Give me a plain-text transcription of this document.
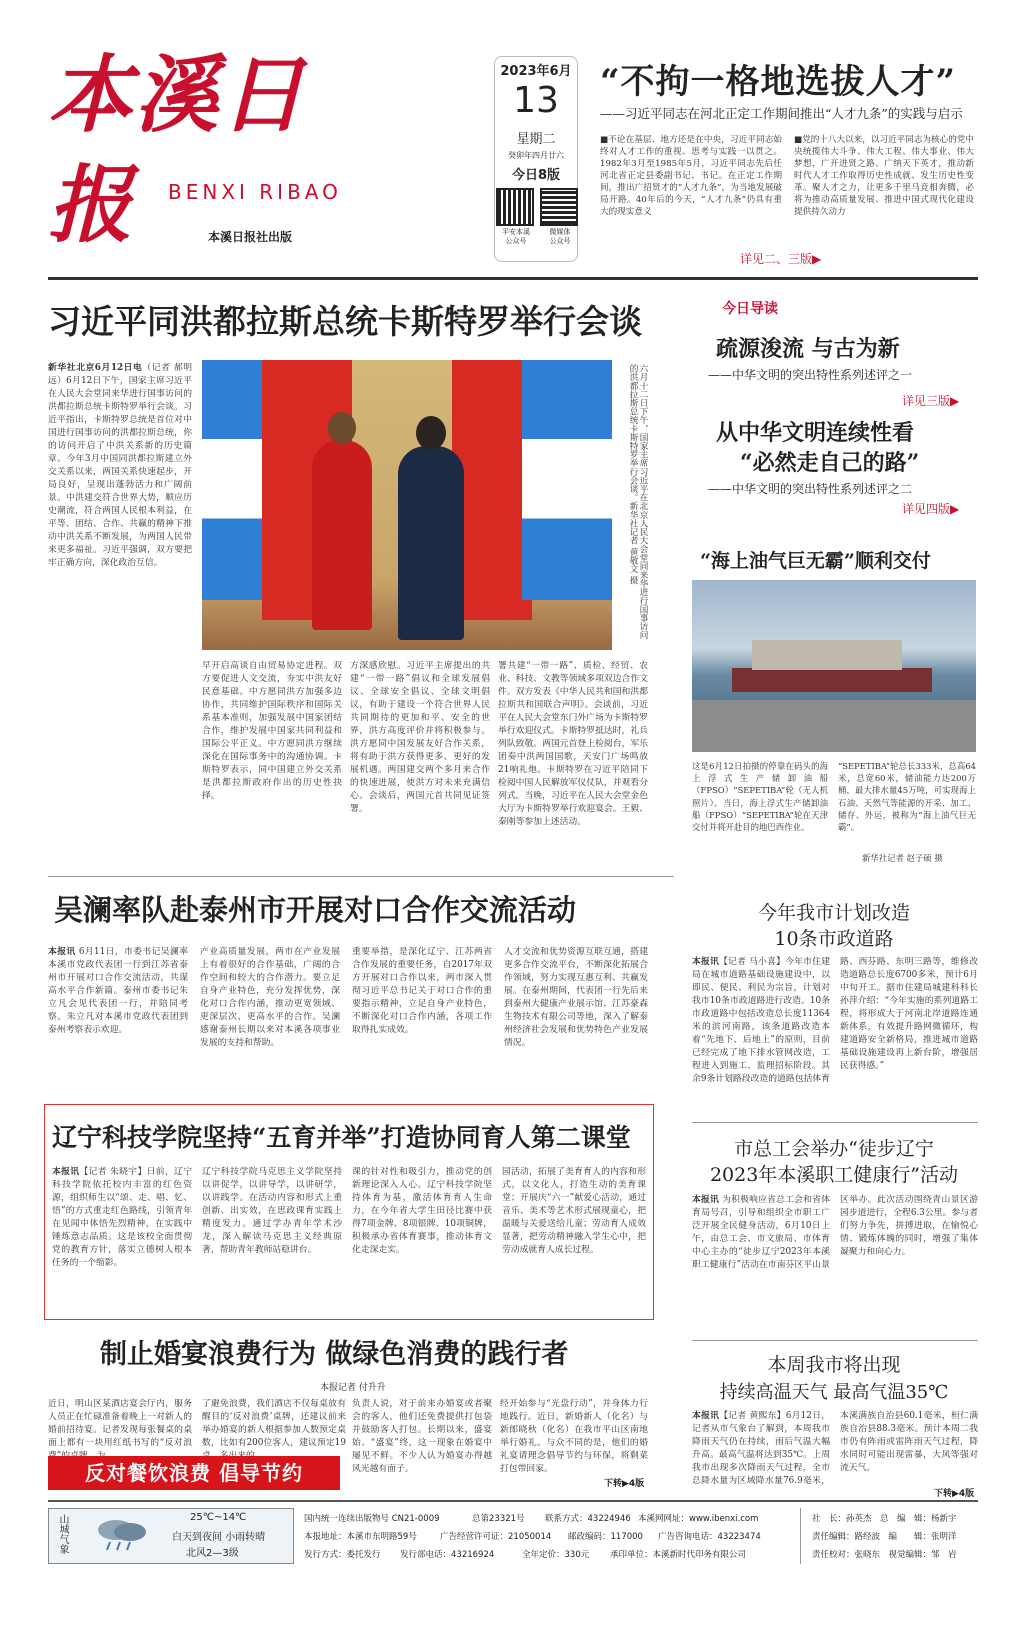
本溪日报	BENXI RIBAO
本溪日报社出版
2023年6月
13
星期二
癸卯年四月廿六
今日8版
平安本溪
公众号
微媒体
公众号
“不拘一格地选拔人才”
——习近平同志在河北正定工作期间推出“人才九条”的实践与启示
■不论在基层、地方还是在中央，习近平同志始终对人才工作的重视、思考与实践一以贯之。1982年3月至1985年5月，习近平同志先后任河北省正定县委副书记、书记。在正定工作期间，推出广招贤才的“人才九条”，为当地发展破局开路。40年后的今天，“人才九条”仍具有重大的现实意义
■党的十八大以来，以习近平同志为核心的党中央统揽伟大斗争、伟大工程、伟大事业、伟大梦想，广开进贤之路、广纳天下英才，推动新时代人才工作取得历史性成就、发生历史性变革。聚人才之力，让更多千里马竞相奔腾，必将为推动高质量发展、推进中国式现代化建设提供持久动力
详见二、三版▶
习近平同洪都拉斯总统卡斯特罗举行会谈
新华社北京6月12日电（记者 郝明远）6月12日下午，国家主席习近平在人民大会堂同来华进行国事访问的洪都拉斯总统卡斯特罗举行会谈。习近平指出，卡斯特罗总统是首位对中国进行国事访问的洪都拉斯总统，你的访问开启了中洪关系新的历史篇章。今年3月中国同洪都拉斯建立外交关系以来，两国关系快速起步，开局良好，呈现出蓬勃活力和广阔前景。中洪建交符合世界大势，顺应历史潮流，符合两国人民根本利益，在平等、团结、合作、共赢的精神下推动中洪关系不断发展，为两国人民带来更多福祉。习近平强调，双方要把牢正确方向，深化政治互信。	六月十二日下午，国家主席习近平在北京人民大会堂同来华进行国事访问的洪都拉斯总统卡斯特罗举行会谈。新华社记者 黄敬文 摄
早开启高谈自由贸易协定进程。双方要促进人文交流，夯实中洪友好民意基础。中方愿同洪方加强多边协作，共同维护国际秩序和国际关系基本准则，加强发展中国家团结合作，维护发展中国家共同利益和国际公平正义。中方愿同洪方继续深化在国际事务中的沟通协调。卡斯特罗表示，同中国建立外交关系是洪都拉斯政府作出的历史性抉择。
方深感欣慰。习近平主席提出的共建“一带一路”倡议和全球发展倡议、全球安全倡议、全球文明倡议，有助于建设一个符合世界人民共同期待的更加和平、安全的世界，洪方高度评价并将积极参与。洪方愿同中国发展友好合作关系，将有助于洪方获得更多、更好的发展机遇。两国建交两个多月来合作的快速进展，使洪方对未来充满信心。会谈后，两国元首共同见证签署。
署共建“一带一路”、质检、经贸、农业、科技、文教等领域多项双边合作文件。双方发表《中华人民共和国和洪都拉斯共和国联合声明》。会谈前，习近平在人民大会堂东门外广场为卡斯特罗举行欢迎仪式。卡斯特罗抵达时，礼兵列队致敬。两国元首登上检阅台，军乐团奏中洪两国国歌，天安门广场鸣放21响礼炮。卡斯特罗在习近平陪同下检阅中国人民解放军仪仗队，并观看分列式。当晚，习近平在人民大会堂金色大厅为卡斯特罗举行欢迎宴会。王毅、秦刚等参加上述活动。
今日导读
疏源浚流 与古为新
——中华文明的突出特性系列述评之一
详见三版▶
从中华文明连续性看
“必然走自己的路”
——中华文明的突出特性系列述评之二
详见四版▶
“海上油气巨无霸”顺利交付
这是6月12日拍摄的停靠在码头的海上浮式生产储卸油船（FPSO）“SEPETIBA”轮（无人机照片）。当日，海上浮式生产储卸油船（FPSO）“SEPETIBA”轮在天津交付并将开赴目的地巴西作业。
“SEPETIBA”轮总长333米，总高64米，总宽60米，储油能力达200万桶，最大排水量45万吨，可实现海上石油、天然气等能源的开采、加工、储存、外运，被称为“海上油气巨无霸”。
新华社记者 赵子硕 摄
吴澜率队赴泰州市开展对口合作交流活动
本报讯 6月11日，市委书记吴澜率本溪市党政代表团一行到江苏省泰州市开展对口合作交流活动，共谋高水平合作新篇。泰州市委书记朱立凡会见代表团一行，并陪同考察。朱立凡对本溪市党政代表团到泰州考察表示欢迎。
产业高质量发展，两市在产业发展上有着很好的合作基础，广阔的合作空间和较大的合作潜力。要立足自身产业特色，充分发挥优势，深化对口合作内涵，推动更宽领域、更深层次、更高水平的合作。吴澜感谢泰州长期以来对本溪各项事业发展的支持和帮助。
重要举措，是深化辽宁、江苏两省合作发展的重要任务，自2017年双方开展对口合作以来，两市深入贯彻习近平总书记关于对口合作的重要指示精神，立足自身产业特色，不断深化对口合作内涵，各项工作取得扎实成效。
人才交流和优势资源互联互通，搭建更多合作交流平台，不断深化拓展合作领域，努力实现互惠互利、共赢发展。在泰州期间，代表团一行先后来到泰州大健康产业展示馆、江苏豪森生物技术有限公司等地，深入了解泰州经济社会发展和优势特色产业发展情况。
辽宁科技学院坚持“五育并举”打造协同育人第二课堂
本报讯【记者 朱晓宇】日前，辽宁科技学院依托校内丰富的红色资源，组织师生以“颂、走、唱、忆、悟”的方式重走红色路线，引领青年在见闻中体悟先烈精神，在实践中锤炼意志品质。这是该校全面贯彻党的教育方针，落实立德树人根本任务的一个缩影。
辽宁科技学院马克思主义学院坚持以讲促学，以讲导学，以讲研学，以讲践学。在活动内容和形式上重创新、出实效，在思政课育实践上精度发力。通过学办青年学术沙龙，深入解读马克思主义经典原著，帮助青年教师站稳讲台。
课的针对性和吸引力，推动党的创新理论深入人心。辽宁科技学院坚持体育为基，激活体育育人生命力，在今年省大学生田径比赛中获得7项金牌、8项银牌、10项铜牌，积极承办省体育赛事，推动体育文化走深走实。
园活动，拓展了美育育人的内容和形式，以文化人，打造生动的美育课堂；开展庆“六一”献爱心活动，通过音乐、美术等艺术形式展现童心，把温暖与关爱送给儿童；劳动育人成效显著，把劳动精神融入学生心中，把劳动成就育人成长过程。
制止婚宴浪费行为 做绿色消费的践行者
本报记者 付升升
近日，明山区某酒店宴会厅内，服务人员正在忙碌准备着晚上一对新人的婚前招待宴。记者发现每张餐桌的桌面上都有一块用红纸书写的“反对浪
了避免浪费，我们酒店不仅每桌放有醒目的‘反对浪费’桌牌，还建议前来举办婚宴的新人根据参加人数预定桌数，比如有200位客人，建议预定19
负责人说，对于前来办婚宴或者聚会的客人，他们还免费提供打包袋并鼓励客人打包。长期以来，盛宴始、“盛宴”终，这一现象在婚宴中屡见不鲜。不少人认为婚宴办得越风光越有面子。
经开始参与“光盘行动”，并身体力行地践行。近日，新婚新人（化名）与新郎晓秋（化名）在我市平山区南地举行婚礼。与众不同的是，他们的婚礼宴请理念倡导节约与环保，将剩菜打包带回家。
下转▶4版
反对餐饮浪费 倡导节约
今年我市计划改造
10条市政道路
本报讯【记者 马小喜】今年市住建局在城市道路基础设施建设中，以即民、便民、利民为宗旨，计划对我市10条市政道路进行改造。10条市政道路中包括改造总长度11364米的滨河南路，该条道路改造本着“先地下、后地上”的原则，目前已经完成了地下排水管网改造，工程进入到施工、监理招标阶段。其余9条计划路段改造的道路包括体育路、西芬路、东明三路等，维修改造道路总长度6700多米，预计6月中旬开工。据市住建局城建科科长孙萍介绍：“今年实施的系列道路工程，将形成大于河南北岸道路连通新体系，有效提升路网微循环，构建道路安全新格局，推进城市道路基础设施建设再上新台阶，增强居民获得感。”
市总工会举办“徒步辽宁
2023年本溪职工健康行”活动
本报讯 为积极响应省总工会和省体育局号召，引导和组织全市职工广泛开展全民健身活动，6月10日上午，由总工会、市文旅局、市体育中心主办的“徒步辽宁2023年本溪职工健康行”活动在市南芬区平山景区举办。此次活动围绕青山景区游园步道进行，全程6.3公里。参与者们努力争先，拼搏进取，在愉悦心情、锻炼体魄的同时，增强了集体凝聚力和向心力。
本周我市将出现
持续高温天气 最高气温35℃
本报讯【记者 黄熙东】6月12日，记者从市气象台了解到，本周我市降雨天气仍在持续，雨后气温大幅升高。最高气温将达到35℃。上周我市出现多次降雨天气过程，全市总降水量为区域降水量76.9毫米，本溪满族自治县60.1毫米，桓仁满族自治县88.3毫米。预计本周二我市仍有阵雨或雷阵雨天气过程，降水同时可能出现雷暴，大风等强对流天气。
下转▶4版
山城气象	25℃~14℃
白天到夜间 小雨转晴
北风2—3级
国内统一连续出版物号 CN21-0009	总第23321号 联系方式：43224946 本溪网网址：www.ibenxi.com
本报地址：本溪市东明路59号	广告经营许可证：21050014 邮政编码：117000 广告咨询电话：43223474
发行方式：委托发行 发行部电话：43216924	全年定价：330元 承印单位：本溪新时代印务有限公司
社　长：孙英杰　总　编　辑：杨新宇
责任编辑：路经波　编　　辑：张明洋
责任校对：张晓东　视觉编辑：邹　岩
